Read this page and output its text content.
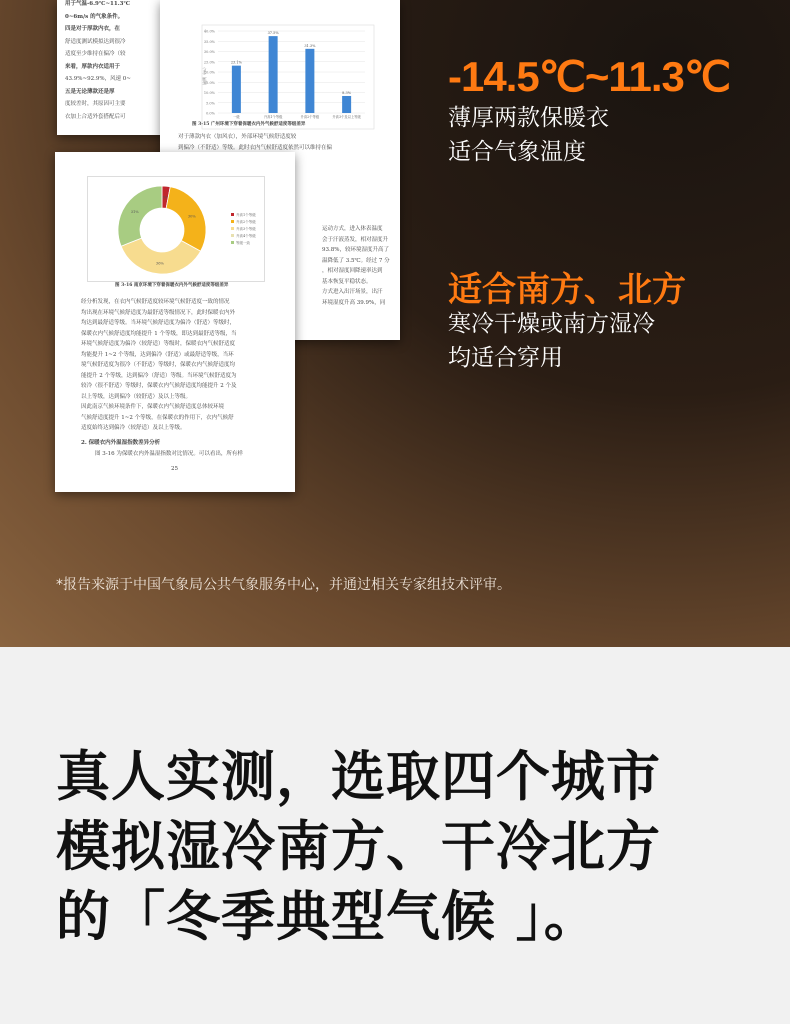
用于气温-6.9℃~11.3℃
0~6m/s 的气象条件。
四是对于厚款内衣，在
舒适度测试模拟达到很冷
适度至少维持在偏冷（较
来看，厚款内衣适用于
43.9%~92.9%，风速 0~
五是无论薄款还是厚
度较差时，其原因可主要
衣加上合适外套搭配后可
40.0%
35.0%
30.0%
25.0%
20.0%
15.0%
10.0%
5.0%
0.0%
比例（%）
23.1%
一级
37.5%
升高1个等级
31.3%
升高2个等级
8.3%
升高3个及以上等级
图 3-15 广州环境下穿着保暖衣内外气候舒适度等级差异
对于薄款内衣（加风衣），外部环境气候舒适度较
到偏冷（不舒适）等级。此时衣内气候舒适度依然可以维持在偏
运动方式，进入体表温度
会于汗液蒸发，相对湿度升
93.8%，较环境湿度升高了
温降低了 3.5℃。经过 7 分
，相对湿度回降速率达到
基本恢复平稳状态。
方式进入出汗场景，出汗
环境湿度升高 39.9%，同
3%
30%
36%
31%
升高1个等级
升高2个等级
升高3个等级
升高4个等级
等级一致
图 3-16 南京环境下穿着保暖衣内外气候舒适度等级差异
经分析发现，在衣内气候舒适度较环境气候舒适度一致的情况
均出现在环境气候舒适度为最舒适等级情况下，此时保暖衣内外
均达到最舒适等级。当环境气候舒适度为偏冷（舒适）等级时，
保暖衣内气候舒适度均能提升 1 个等级，即达到最舒适等级，当
环境气候舒适度为偏冷（较舒适）等级时，保暖衣内气候舒适度
均能提升 1~2 个等级，达到偏冷（舒适）或最舒适等级，当环
境气候舒适度为很冷（不舒适）等级时，保暖衣内气候舒适度均
能提升 2 个等级，达到偏冷（舒适）等级。当环境气候舒适度为
较冷（很不舒适）等级时，保暖衣内气候舒适度均能提升 2 个及
以上等级，达到偏冷（较舒适）及以上等级。
因此南京气候环境条件下，保暖衣内气候舒适度总体较环境
气候舒适度提升 1~2 个等级，在保暖衣的作用下，衣内气候舒
适度始终达到偏冷（较舒适）及以上等级。
2. 保暖衣内外温湿指数差异分析
图 3-16 为保暖衣内外温湿指数对比情况。可以看出，所有样
25
-14.5℃~11.3℃
薄厚两款保暖衣
适合气象温度
适合南方、北方
寒冷干燥或南方湿冷
均适合穿用
*报告来源于中国气象局公共气象服务中心，并通过相关专家组技术评审。
真人实测，选取四个城市
模拟湿冷南方、干冷北方
的「冬季典型气候 」。
